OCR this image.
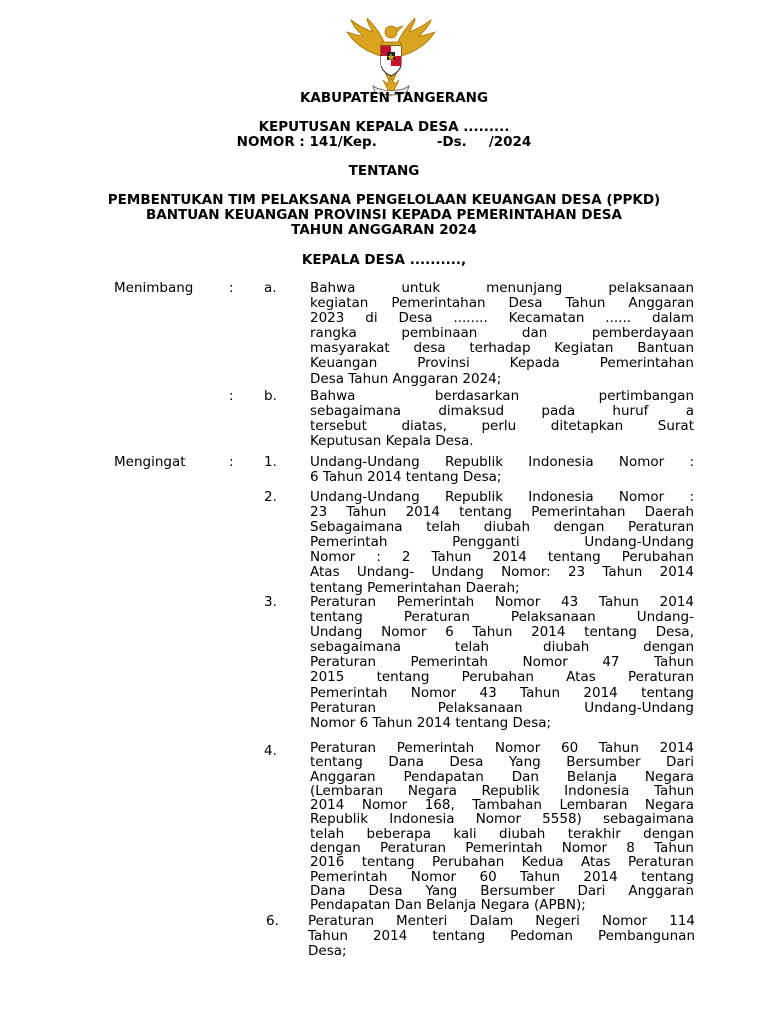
KABUPATEN TANGERANG
KEPUTUSAN KEPALA DESA .........
NOMOR : 141/Kep.	-Ds. /2024
TENTANG
PEMBENTUKAN TIM PELAKSANA PENGELOLAAN KEUANGAN DESA (PPKD)
BANTUAN KEUANGAN PROVINSI KEPADA PEMERINTAHAN DESA
TAHUN ANGGARAN 2024
KEPALA DESA ..........,
Menimbang	: a. Bahwa untuk menunjang pelaksanaan
kegiatan Pemerintahan Desa Tahun Anggaran
2023 di Desa ........ Kecamatan ...... dalam
rangka pembinaan dan pemberdayaan
masyarakat desa terhadap Kegiatan Bantuan
Keuangan Provinsi Kepada Pemerintahan
Desa Tahun Anggaran 2024;
: b. Bahwa berdasarkan pertimbangan
sebagaimana dimaksud pada huruf a
tersebut diatas, perlu ditetapkan Surat
Keputusan Kepala Desa.
Mengingat	: 1. Undang-Undang Republik Indonesia Nomor :
6 Tahun 2014 tentang Desa;
2. Undang-Undang Republik Indonesia Nomor :
23 Tahun 2014 tentang Pemerintahan Daerah
Sebagaimana telah diubah dengan Peraturan
Pemerintah Pengganti Undang-Undang
Nomor : 2 Tahun 2014 tentang Perubahan
Atas Undang- Undang Nomor: 23 Tahun 2014
tentang Pemerintahan Daerah;
3. Peraturan Pemerintah Nomor 43 Tahun 2014
tentang Peraturan Pelaksanaan Undang-
Undang Nomor 6 Tahun 2014 tentang Desa,
sebagaimana telah diubah dengan
Peraturan Pemerintah Nomor 47 Tahun
2015 tentang Perubahan Atas Peraturan
Pemerintah Nomor 43 Tahun 2014 tentang
Peraturan Pelaksanaan Undang-Undang
Nomor 6 Tahun 2014 tentang Desa;
4. Peraturan Pemerintah Nomor 60 Tahun 2014
tentang Dana Desa Yang Bersumber Dari
Anggaran Pendapatan Dan Belanja Negara
(Lembaran Negara Republik Indonesia Tahun
2014 Nomor 168, Tambahan Lembaran Negara
Republik Indonesia Nomor 5558) sebagaimana
telah beberapa kali diubah terakhir dengan
dengan Peraturan Pemerintah Nomor 8 Tahun
2016 tentang Perubahan Kedua Atas Peraturan
Pemerintah Nomor 60 Tahun 2014 tentang
Dana Desa Yang Bersumber Dari Anggaran
Pendapatan Dan Belanja Negara (APBN);
6. Peraturan Menteri Dalam Negeri Nomor 114
Tahun 2014 tentang Pedoman Pembangunan
Desa;
